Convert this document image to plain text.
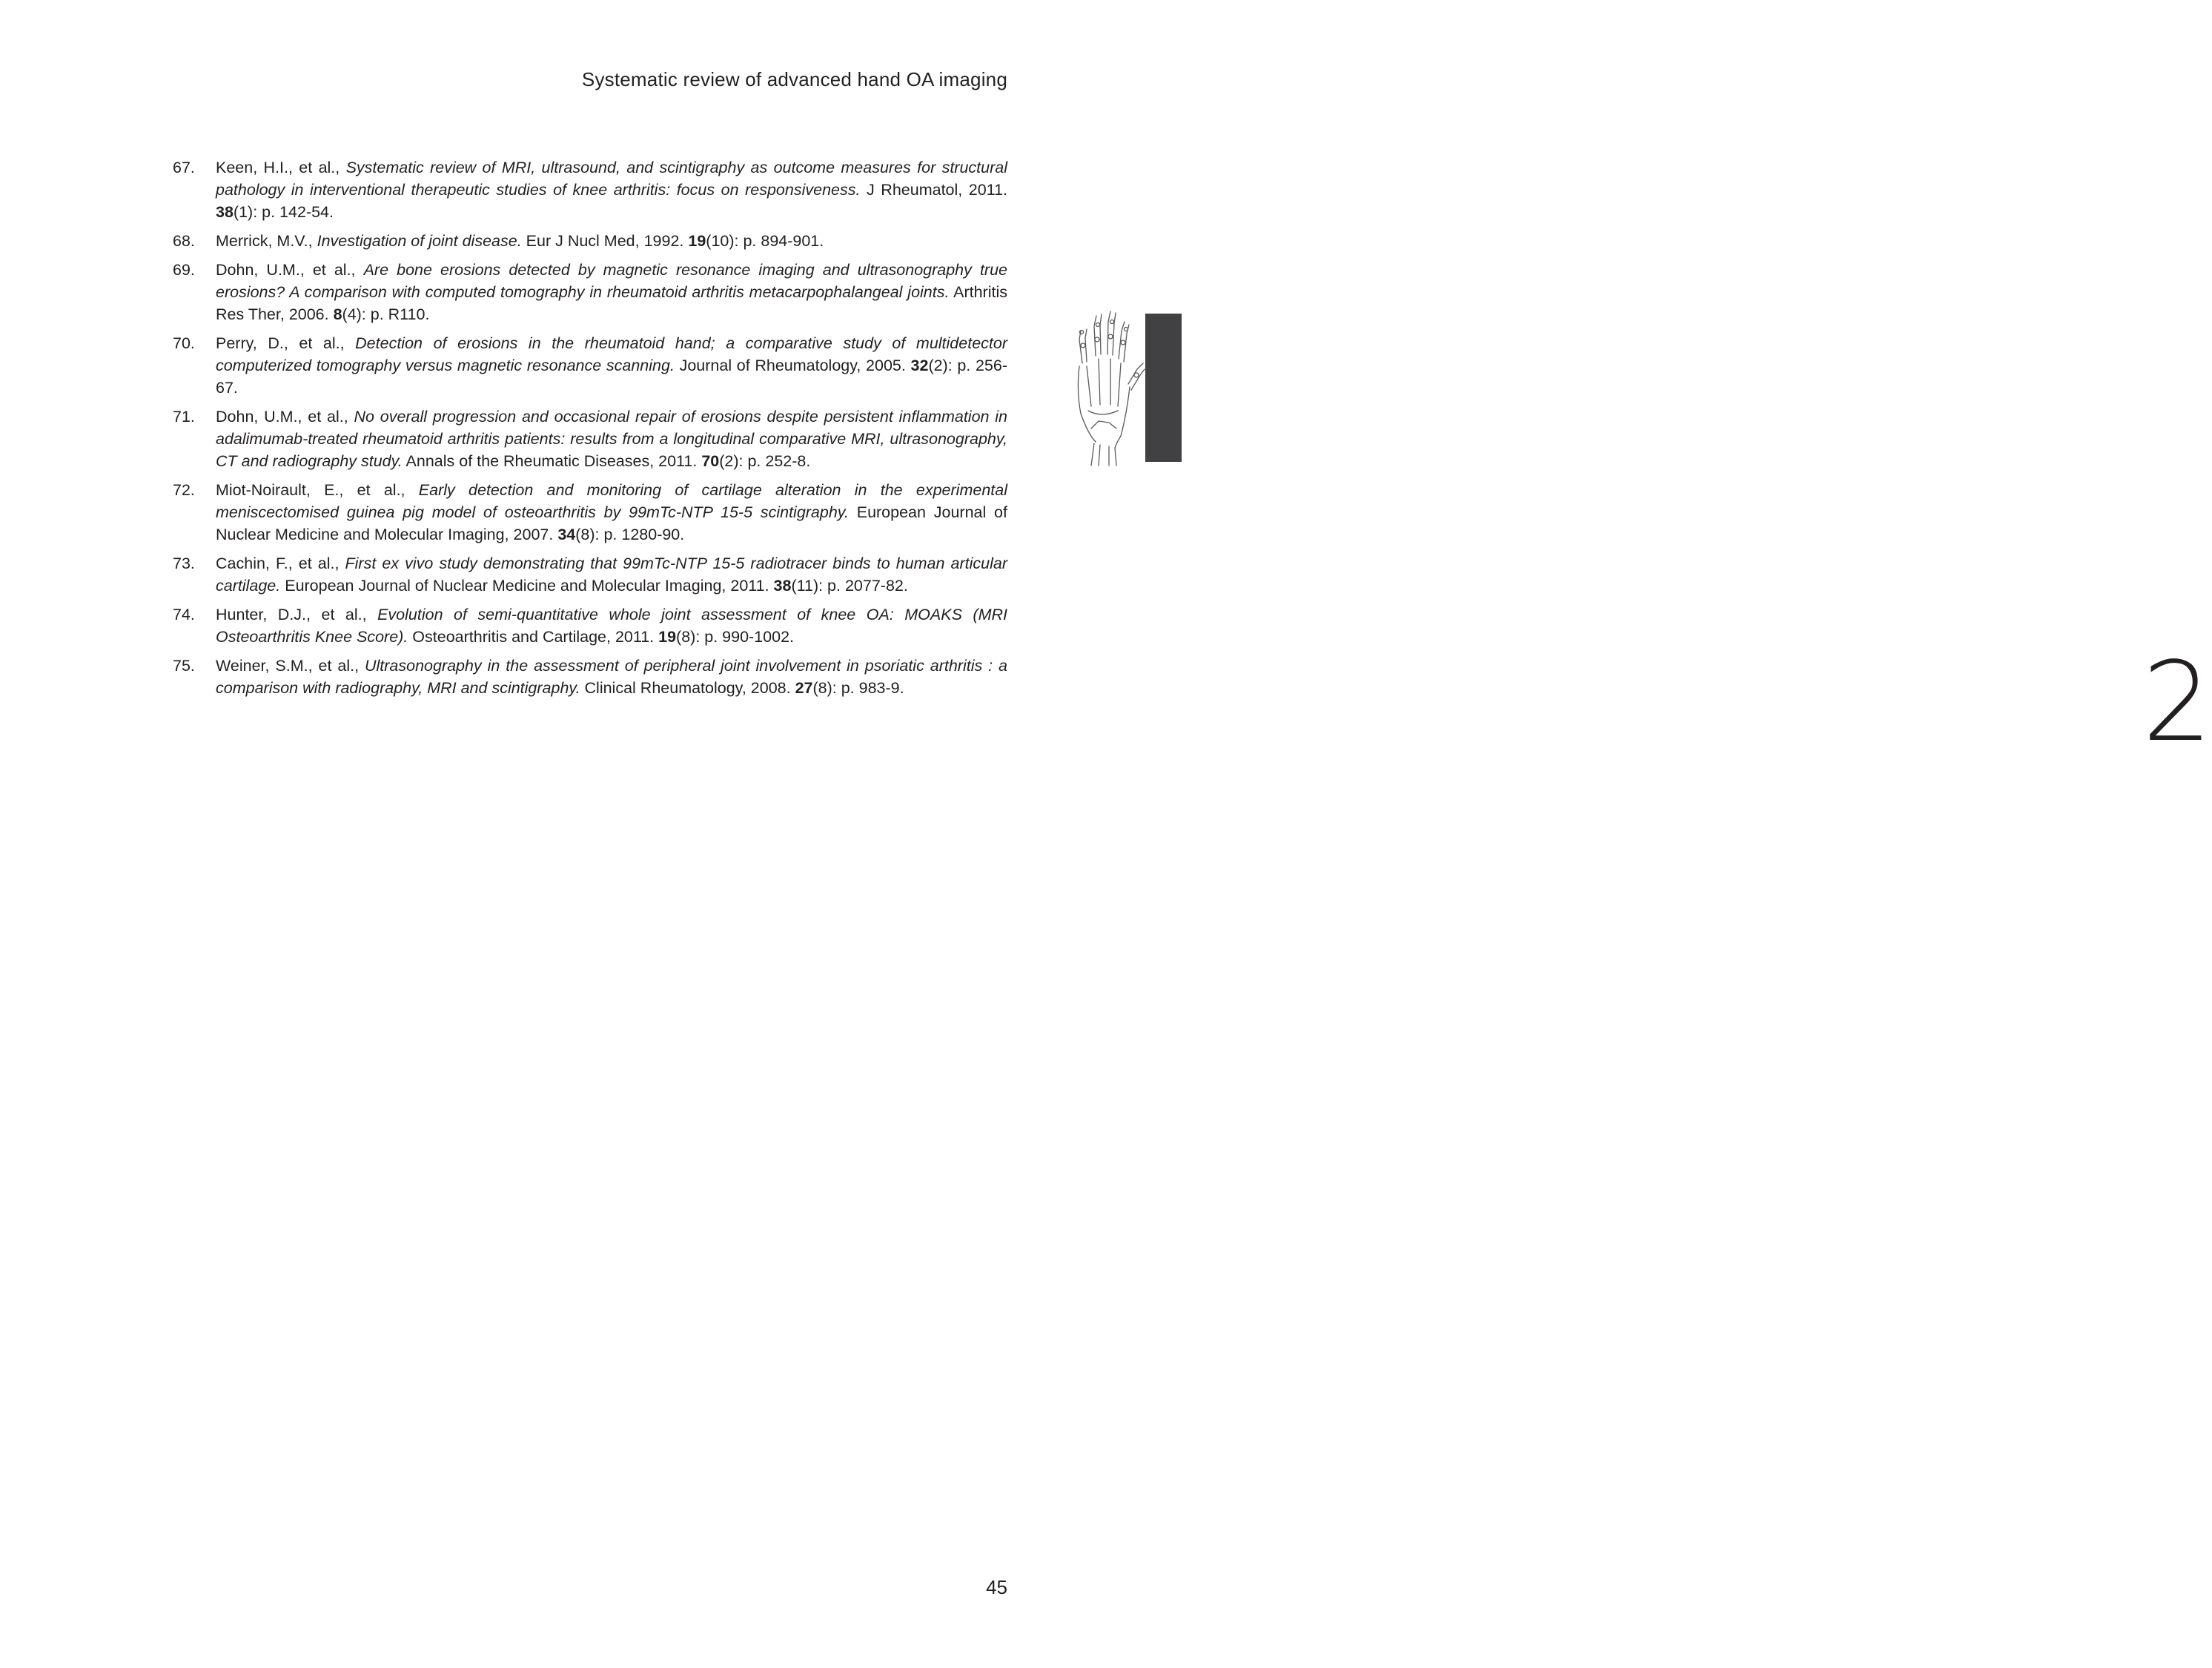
Systematic review of advanced hand OA imaging
67. Keen, H.I., et al., Systematic review of MRI, ultrasound, and scintigraphy as outcome measures for structural pathology in interventional therapeutic studies of knee arthritis: focus on responsiveness. J Rheumatol, 2011. 38(1): p. 142-54.
68. Merrick, M.V., Investigation of joint disease. Eur J Nucl Med, 1992. 19(10): p. 894-901.
69. Dohn, U.M., et al., Are bone erosions detected by magnetic resonance imaging and ultrasonography true erosions? A comparison with computed tomography in rheumatoid arthritis metacarpophalangeal joints. Arthritis Res Ther, 2006. 8(4): p. R110.
70. Perry, D., et al., Detection of erosions in the rheumatoid hand; a comparative study of multidetector computerized tomography versus magnetic resonance scanning. Journal of Rheumatology, 2005. 32(2): p. 256-67.
71. Dohn, U.M., et al., No overall progression and occasional repair of erosions despite persistent inflammation in adalimumab-treated rheumatoid arthritis patients: results from a longitudinal comparative MRI, ultrasonography, CT and radiography study. Annals of the Rheumatic Diseases, 2011. 70(2): p. 252-8.
72. Miot-Noirault, E., et al., Early detection and monitoring of cartilage alteration in the experimental meniscectomised guinea pig model of osteoarthritis by 99mTc-NTP 15-5 scintigraphy. European Journal of Nuclear Medicine and Molecular Imaging, 2007. 34(8): p. 1280-90.
73. Cachin, F., et al., First ex vivo study demonstrating that 99mTc-NTP 15-5 radiotracer binds to human articular cartilage. European Journal of Nuclear Medicine and Molecular Imaging, 2011. 38(11): p. 2077-82.
74. Hunter, D.J., et al., Evolution of semi-quantitative whole joint assessment of knee OA: MOAKS (MRI Osteoarthritis Knee Score). Osteoarthritis and Cartilage, 2011. 19(8): p. 990-1002.
75. Weiner, S.M., et al., Ultrasonography in the assessment of peripheral joint involvement in psoriatic arthritis : a comparison with radiography, MRI and scintigraphy. Clinical Rheumatology, 2008. 27(8): p. 983-9.	2
45
